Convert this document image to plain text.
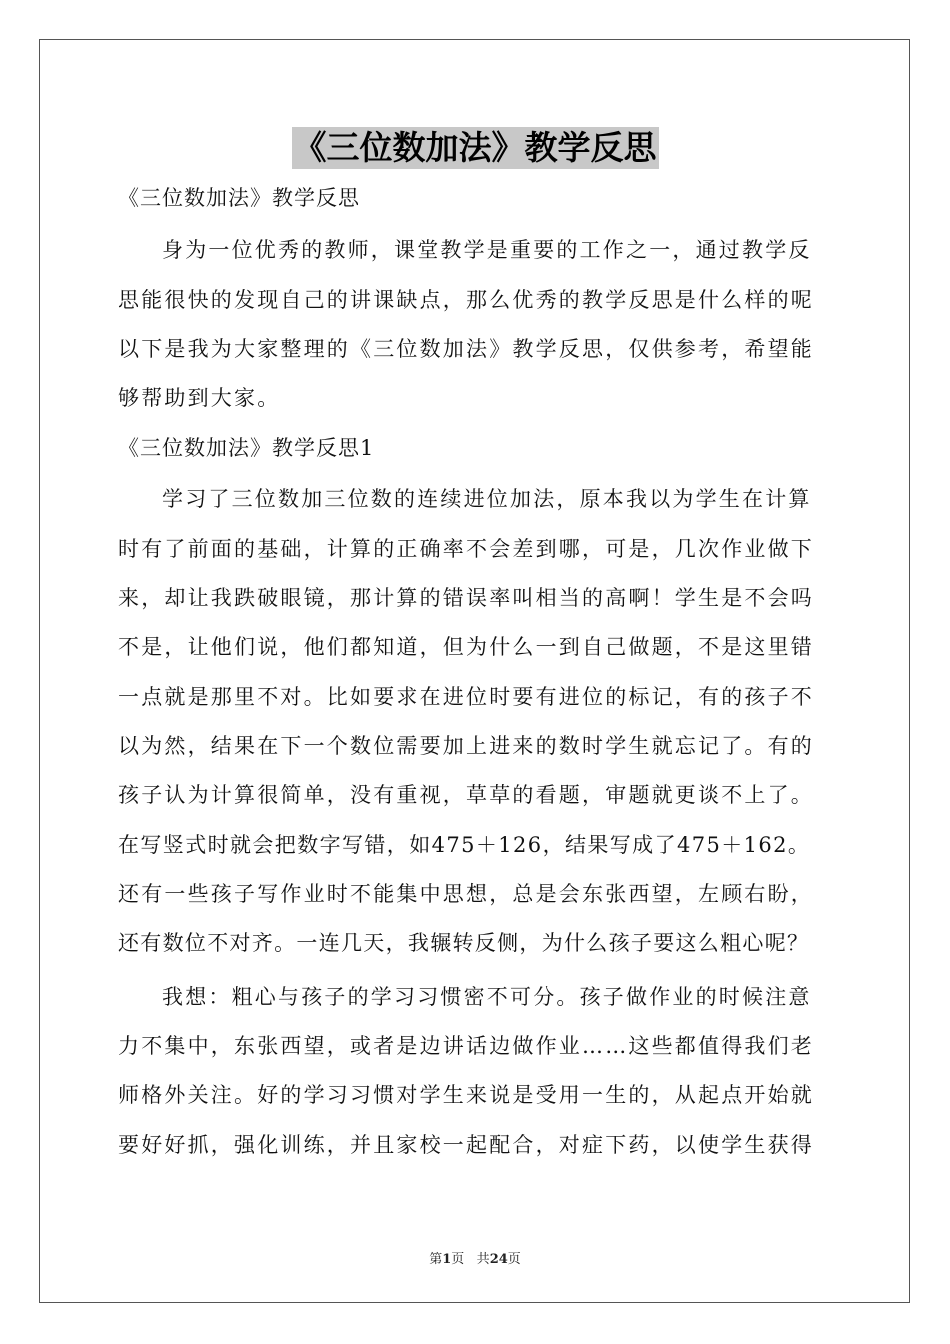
《三位数加法》教学反思
《三位数加法》教学反思
身为一位优秀的教师，课堂教学是重要的工作之一，通过教学反
思能很快的发现自己的讲课缺点，那么优秀的教学反思是什么样的呢
以下是我为大家整理的《三位数加法》教学反思，仅供参考，希望能
够帮助到大家。
《三位数加法》教学反思1
学习了三位数加三位数的连续进位加法，原本我以为学生在计算
时有了前面的基础，计算的正确率不会差到哪，可是，几次作业做下
来，却让我跌破眼镜，那计算的错误率叫相当的高啊！学生是不会吗
不是，让他们说，他们都知道，但为什么一到自己做题，不是这里错
一点就是那里不对。比如要求在进位时要有进位的标记，有的孩子不
以为然，结果在下一个数位需要加上进来的数时学生就忘记了。有的
孩子认为计算很简单，没有重视，草草的看题，审题就更谈不上了。
在写竖式时就会把数字写错，如475＋126，结果写成了475＋162。
还有一些孩子写作业时不能集中思想，总是会东张西望，左顾右盼，
还有数位不对齐。一连几天，我辗转反侧，为什么孩子要这么粗心呢？
我想：粗心与孩子的学习习惯密不可分。孩子做作业的时候注意
力不集中，东张西望，或者是边讲话边做作业……这些都值得我们老
师格外关注。好的学习习惯对学生来说是受用一生的，从起点开始就
要好好抓，强化训练，并且家校一起配合，对症下药，以使学生获得
第1页 共24页
